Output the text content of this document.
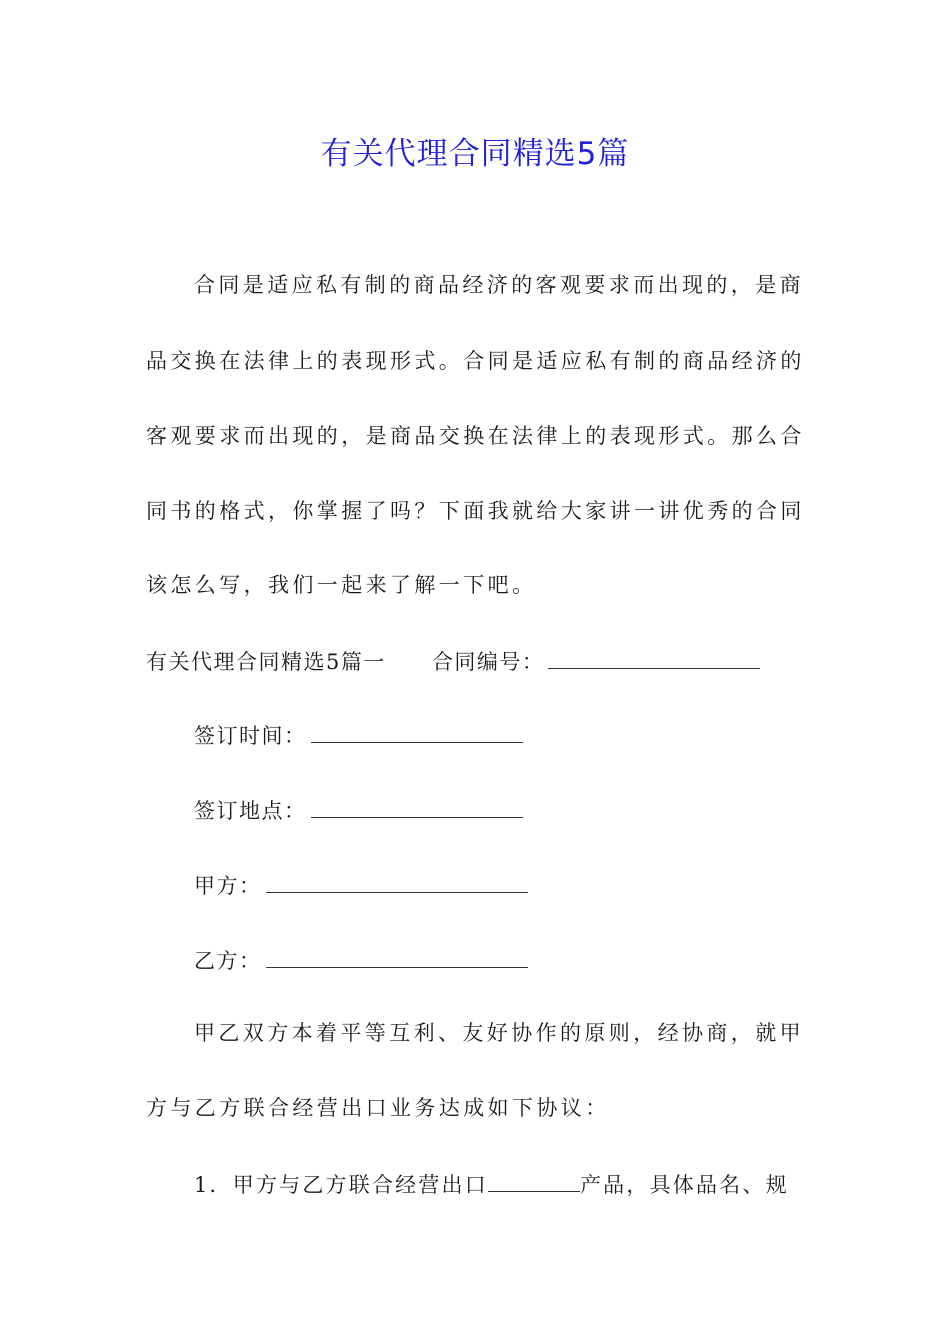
有关代理合同精选5篇
合同是适应私有制的商品经济的客观要求而出现的，是商
品交换在法律上的表现形式。合同是适应私有制的商品经济的
客观要求而出现的，是商品交换在法律上的表现形式。那么合
同书的格式，你掌握了吗？下面我就给大家讲一讲优秀的合同
该怎么写，我们一起来了解一下吧。
有关代理合同精选5篇一 合同编号：
签订时间：
签订地点：
甲方：
乙方：
甲乙双方本着平等互利、友好协作的原则，经协商，就甲
方与乙方联合经营出口业务达成如下协议：
1．甲方与乙方联合经营出口	产品，具体品名、规
